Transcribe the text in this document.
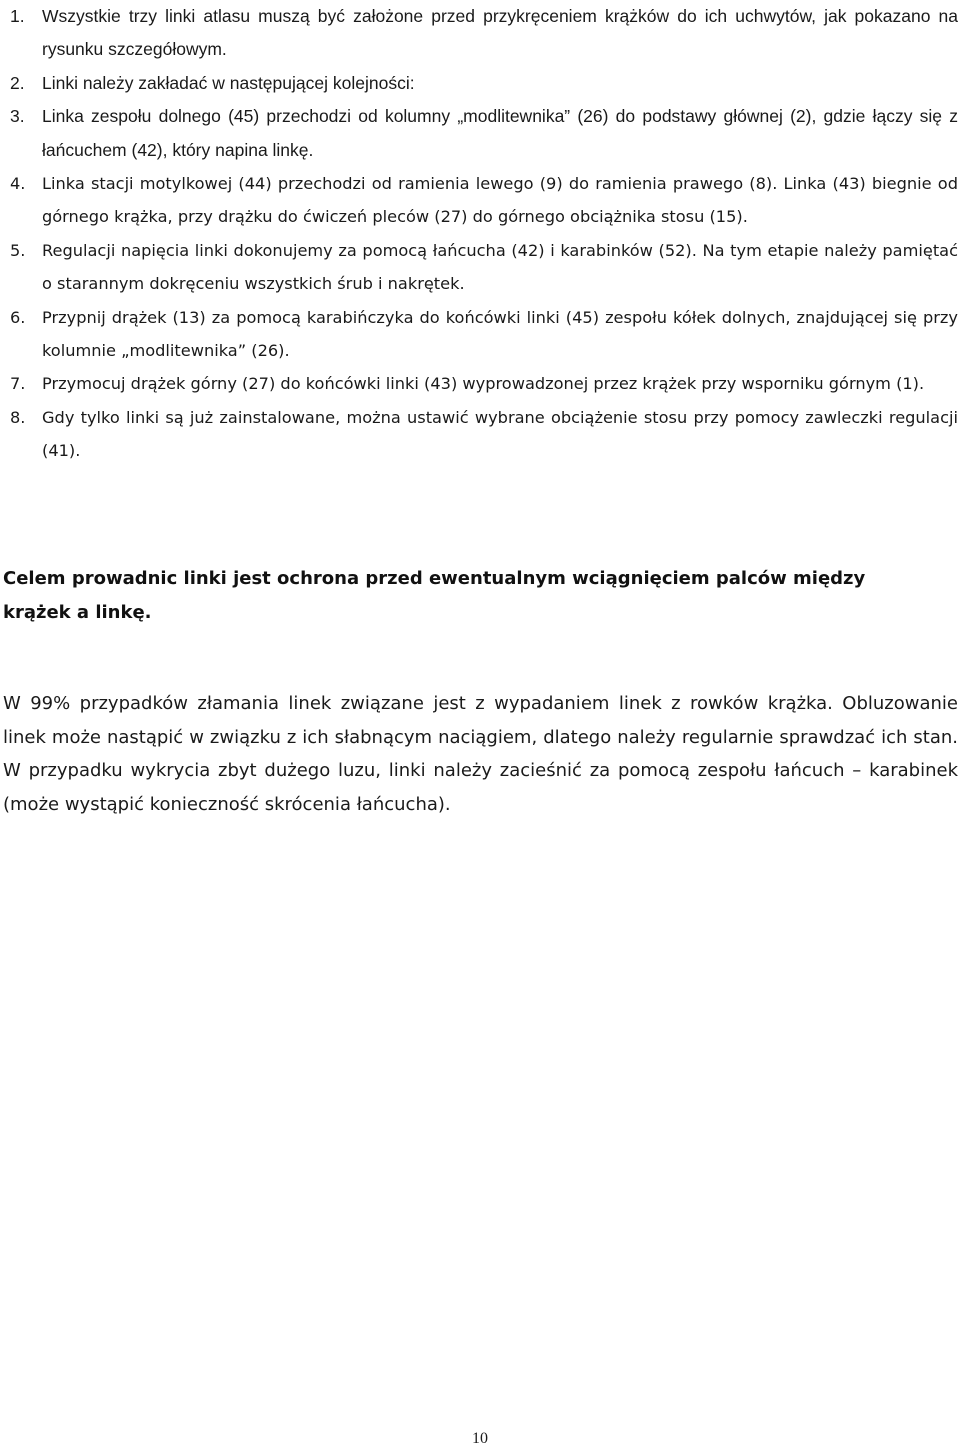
1. Wszystkie trzy linki atlasu muszą być założone przed przykręceniem krążków do ich uchwytów, jak pokazano na rysunku szczegółowym.
2. Linki należy zakładać w następującej kolejności:
3. Linka zespołu dolnego (45) przechodzi od kolumny „modlitewnika” (26) do podstawy głównej (2), gdzie łączy się z łańcuchem (42), który napina linkę.
4. Linka stacji motylkowej (44) przechodzi od ramienia lewego (9) do ramienia prawego (8). Linka (43) biegnie od górnego krążka, przy drążku do ćwiczeń pleców (27) do górnego obciążnika stosu (15).
5. Regulacji napięcia linki dokonujemy za pomocą łańcucha (42) i karabinków (52). Na tym etapie należy pamiętać o starannym dokręceniu wszystkich śrub i nakrętek.
6. Przypnij drążek (13) za pomocą karabińczyka do końcówki linki (45) zespołu kółek dolnych, znajdującej się przy kolumnie „modlitewnika” (26).
7. Przymocuj drążek górny (27) do końcówki linki (43) wyprowadzonej przez krążek przy wsporniku górnym (1).
8. Gdy tylko linki są już zainstalowane, można ustawić wybrane obciążenie stosu przy pomocy zawleczki regulacji (41).

Celem prowadnic linki jest ochrona przed ewentualnym wciągnięciem palców między krążek a linkę.

W 99% przypadków złamania linek związane jest z wypadaniem linek z rowków krążka. Obluzowanie linek może nastąpić w związku z ich słabnącym naciągiem, dlatego należy regularnie sprawdzać ich stan. W przypadku wykrycia zbyt dużego luzu, linki należy zacieśnić za pomocą zespołu łańcuch – karabinek (może wystąpić konieczność skrócenia łańcucha).

10
